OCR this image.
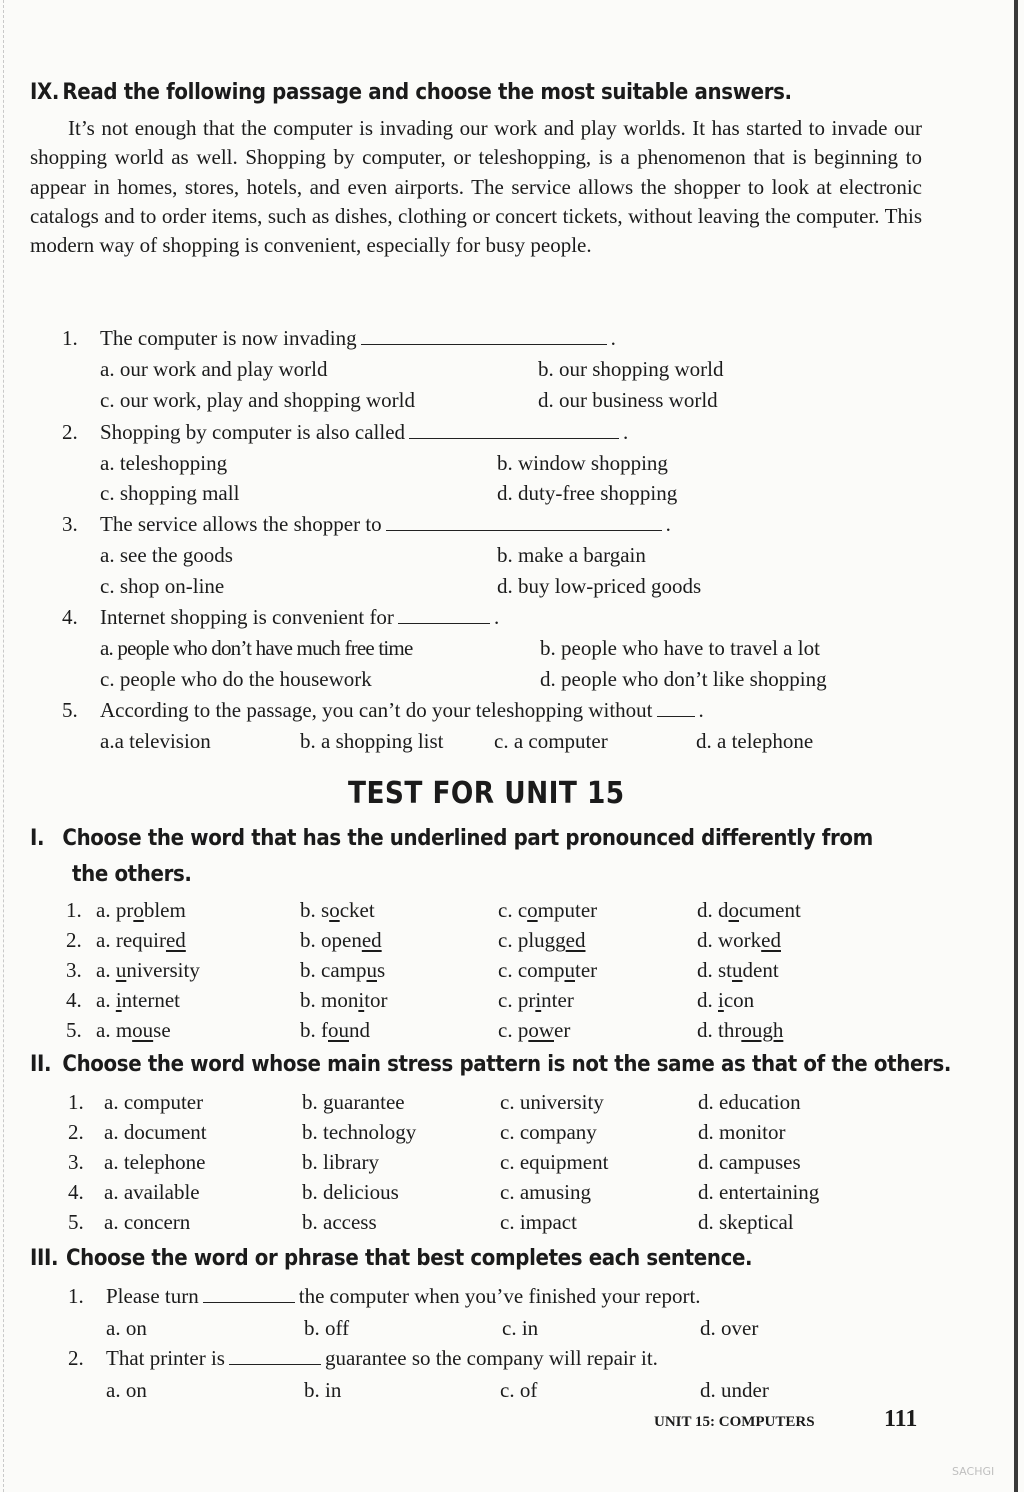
IX. Read the following passage and choose the most suitable answers.

It’s not enough that the computer is invading our work and play worlds. It has started to invade our shopping world as well. Shopping by computer, or teleshopping, is a phenomenon that is beginning to appear in homes, stores, hotels, and even airports. The service allows the shopper to look at electronic catalogs and to order items, such as dishes, clothing or concert tickets, without leaving the computer. This modern way of shopping is convenient, especially for busy people.

1. The computer is now invading	.
a. our work and play world	b. our shopping world
c. our work, play and shopping world	d. our business world
2. Shopping by computer is also called	.
a. teleshopping	b. window shopping
c. shopping mall	d. duty-free shopping
3. The service allows the shopper to	.
a. see the goods	b. make a bargain
c. shop on-line	d. buy low-priced goods
4. Internet shopping is convenient for	.
a. people who don’t have much free time	b. people who have to travel a lot
c. people who do the housework	d. people who don’t like shopping
5. According to the passage, you can’t do your teleshopping without .
a.a television	b. a shopping list c. a computer	d. a telephone
TEST FOR UNIT 15
I. Choose the word that has the underlined part pronounced differently from
the others.
1. a. problem	b. socket	c. computer	d. document
2. a. required	b. opened	c. plugged	d. worked
3. a. university	b. campus	c. computer	d. student
4. a. internet	b. monitor	c. printer	d. icon
5. a. mouse	b. found	c. power	d. through
II. Choose the word whose main stress pattern is not the same as that of the others.
1. a. computer	b. guarantee	c. university	d. education
2. a. document	b. technology	c. company	d. monitor
3. a. telephone	b. library	c. equipment	d. campuses
4. a. available	b. delicious	c. amusing	d. entertaining
5. a. concern	b. access	c. impact	d. skeptical
III. Choose the word or phrase that best completes each sentence.
1. Please turn	the computer when you’ve finished your report.
a. on	b. off	c. in	d. over
2. That printer is	guarantee so the company will repair it.
a. on	b. in	c. of	d. under
UNIT 15: COMPUTERS	111
SACHGI
